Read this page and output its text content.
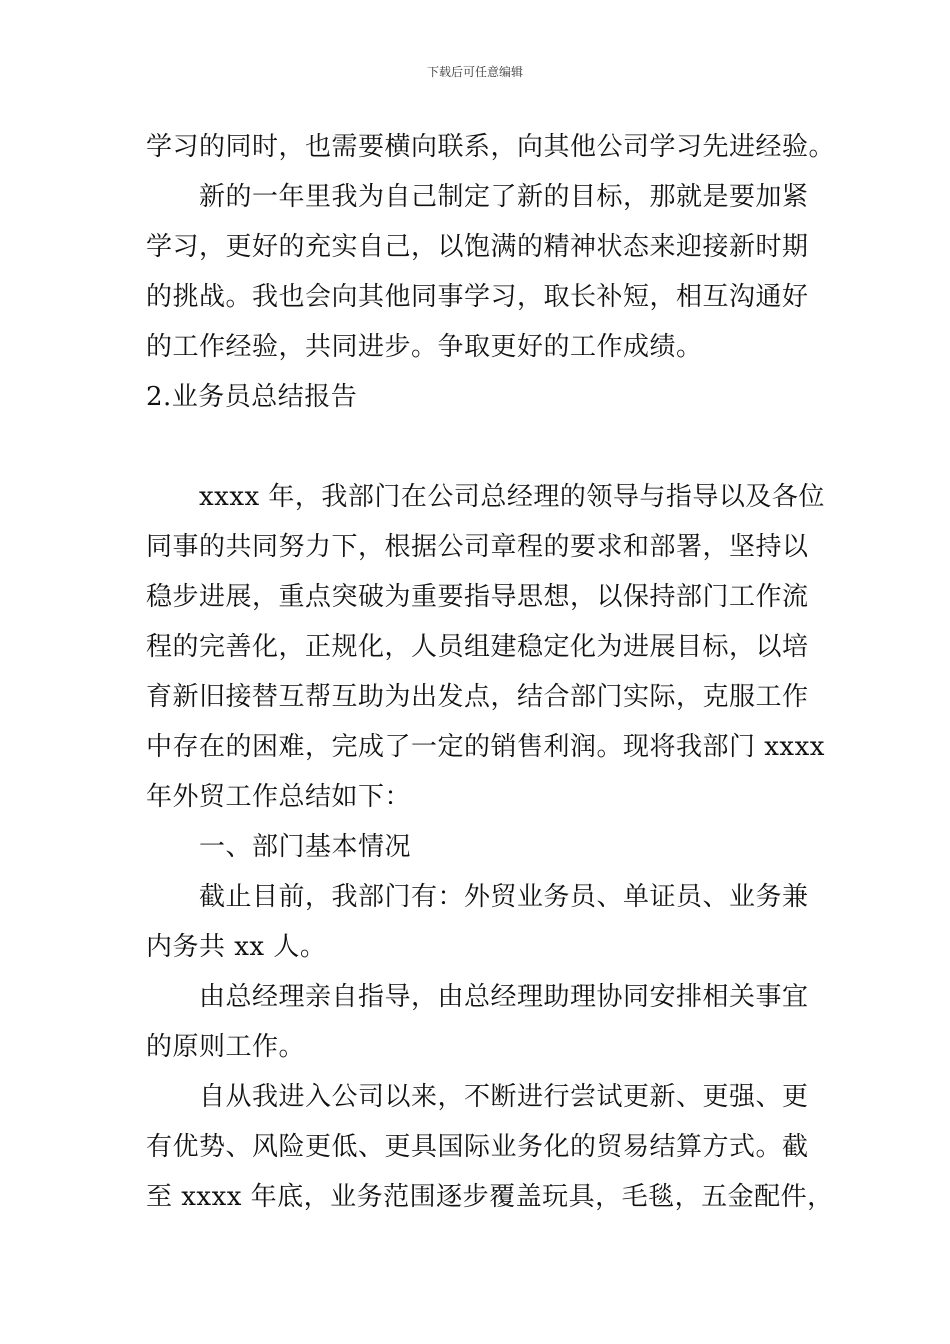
下载后可任意编辑
学习的同时，也需要横向联系，向其他公司学习先进经验。
新的一年里我为自己制定了新的目标，那就是要加紧
学习，更好的充实自己，以饱满的精神状态来迎接新时期
的挑战。我也会向其他同事学习，取长补短，相互沟通好
的工作经验，共同进步。争取更好的工作成绩。
2.业务员总结报告
xxxx 年，我部门在公司总经理的领导与指导以及各位
同事的共同努力下，根据公司章程的要求和部署，坚持以
稳步进展，重点突破为重要指导思想，以保持部门工作流
程的完善化，正规化，人员组建稳定化为进展目标，以培
育新旧接替互帮互助为出发点，结合部门实际，克服工作
中存在的困难，完成了一定的销售利润。现将我部门 xxxx
年外贸工作总结如下：
一、部门基本情况
截止目前，我部门有：外贸业务员、单证员、业务兼
内务共 xx 人。
由总经理亲自指导，由总经理助理协同安排相关事宜
的原则工作。
自从我进入公司以来，不断进行尝试更新、更强、更
有优势、风险更低、更具国际业务化的贸易结算方式。截
至 xxxx 年底，业务范围逐步覆盖玩具，毛毯，五金配件，
